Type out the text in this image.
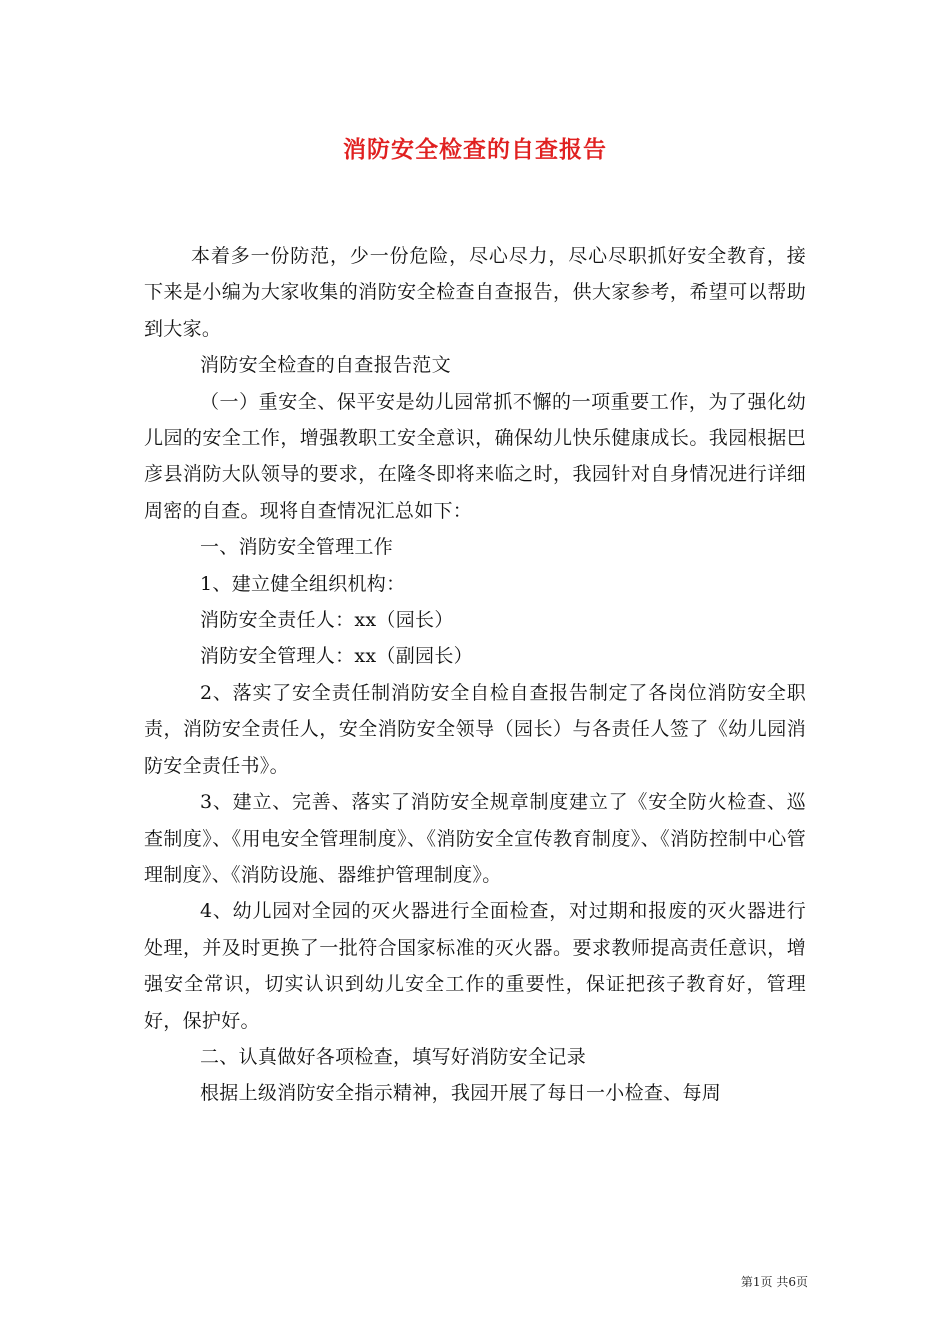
消防安全检查的自查报告

本着多一份防范，少一份危险，尽心尽力，尽心尽职抓好安全教育，接下来是小编为大家收集的消防安全检查自查报告，供大家参考，希望可以帮助到大家。

消防安全检查的自查报告范文

（一）重安全、保平安是幼儿园常抓不懈的一项重要工作，为了强化幼儿园的安全工作，增强教职工安全意识，确保幼儿快乐健康成长。我园根据巴彦县消防大队领导的要求，在隆冬即将来临之时，我园针对自身情况进行详细周密的自查。现将自查情况汇总如下：

一、消防安全管理工作

1、建立健全组织机构：

消防安全责任人：xx（园长）

消防安全管理人：xx（副园长）

2、落实了安全责任制消防安全自检自查报告制定了各岗位消防安全职责，消防安全责任人，安全消防安全领导（园长）与各责任人签了《幼儿园消防安全责任书》。

3、建立、完善、落实了消防安全规章制度建立了《安全防火检查、巡查制度》、《用电安全管理制度》、《消防安全宣传教育制度》、《消防控制中心管理制度》、《消防设施、器维护管理制度》。

4、幼儿园对全园的灭火器进行全面检查，对过期和报废的灭火器进行处理，并及时更换了一批符合国家标准的灭火器。要求教师提高责任意识，增强安全常识，切实认识到幼儿安全工作的重要性，保证把孩子教育好，管理好，保护好。

二、认真做好各项检查，填写好消防安全记录

根据上级消防安全指示精神，我园开展了每日一小检查、每周

第1页 共6页
